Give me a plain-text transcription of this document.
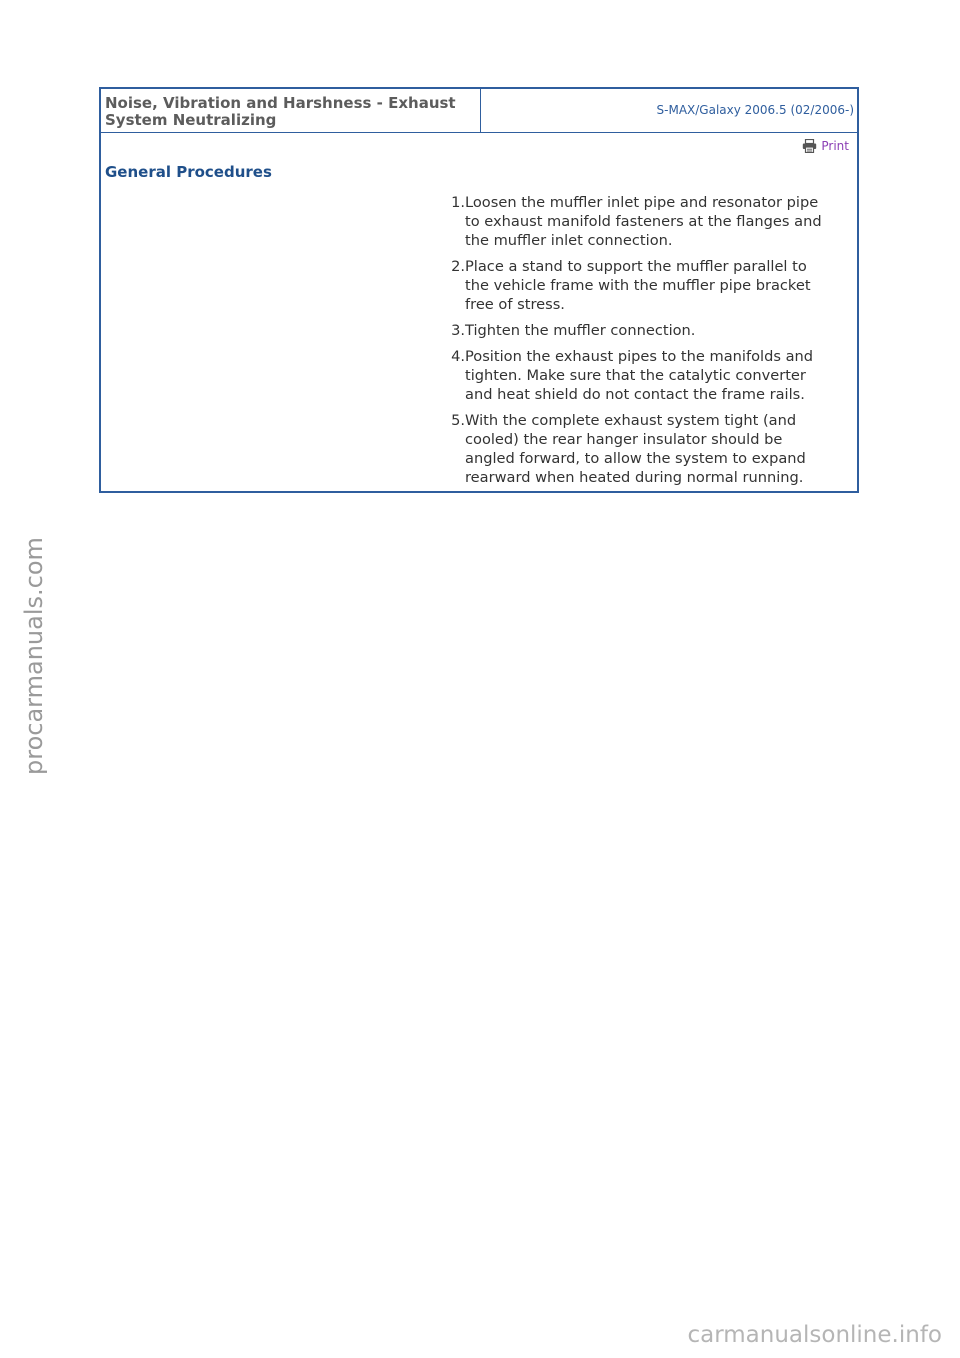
Noise, Vibration and Harshness - Exhaust
System Neutralizing
S-MAX/Galaxy 2006.5 (02/2006-)
Print
General Procedures
1. Loosen the muffler inlet pipe and resonator pipe
to exhaust manifold fasteners at the flanges and
the muffler inlet connection.
2. Place a stand to support the muffler parallel to
the vehicle frame with the muffler pipe bracket
free of stress.
3. Tighten the muffler connection.
4. Position the exhaust pipes to the manifolds and
tighten. Make sure that the catalytic converter
and heat shield do not contact the frame rails.
5. With the complete exhaust system tight (and
cooled) the rear hanger insulator should be
angled forward, to allow the system to expand
rearward when heated during normal running.
procarmanuals.com
carmanualsonline.info
